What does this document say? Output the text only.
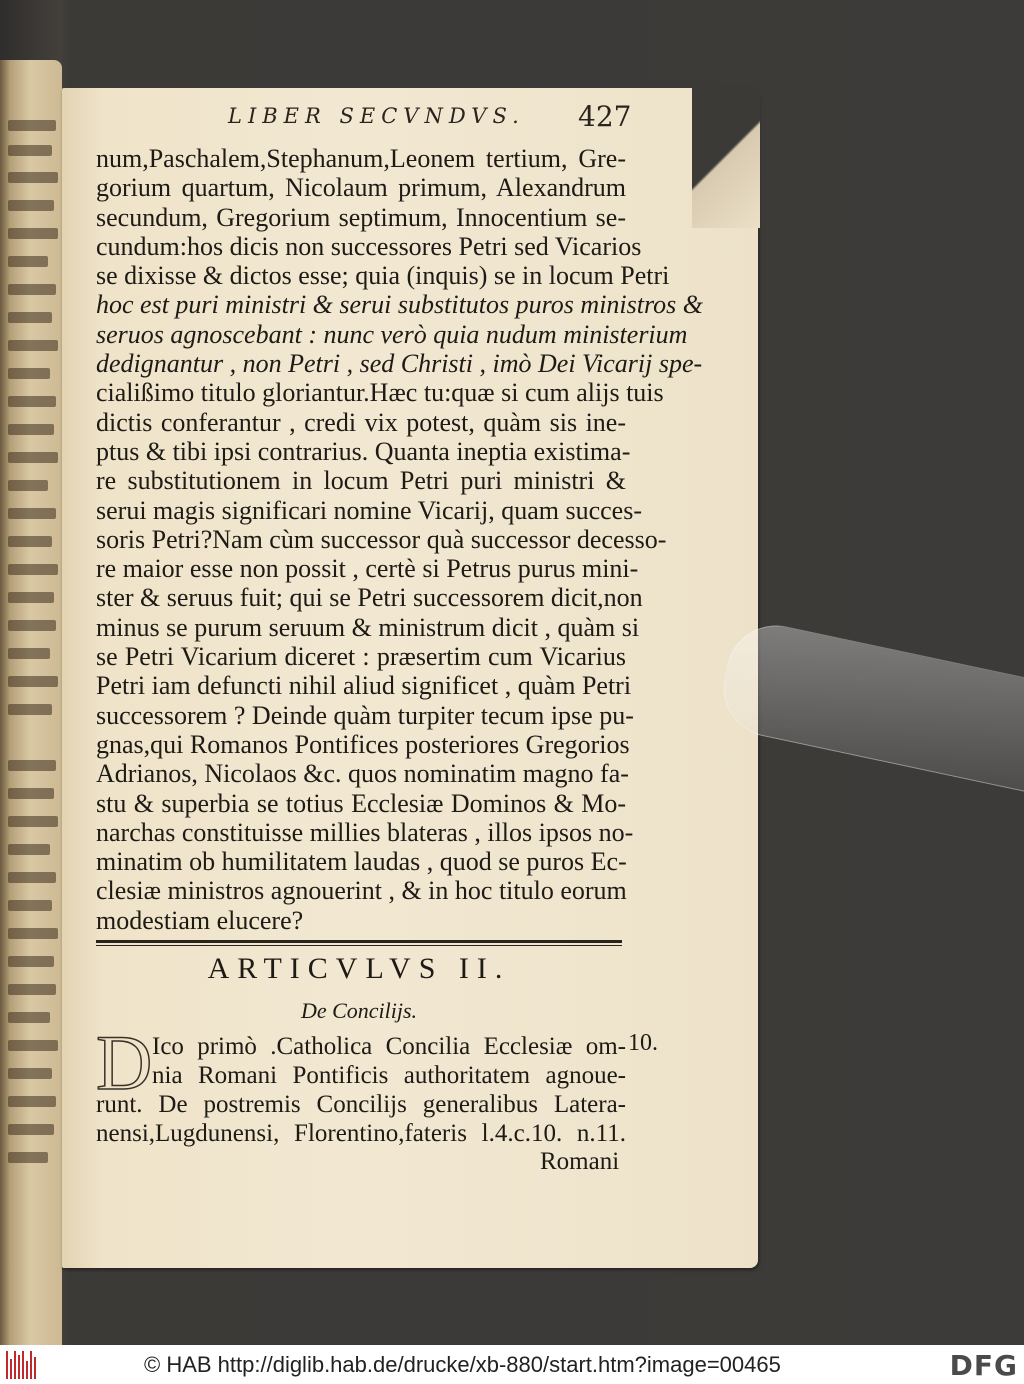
LIBER SECVNDVS. 427
num,Paschalem,Stephanum,Leonem tertium, Gre-
gorium quartum, Nicolaum primum, Alexandrum
secundum, Gregorium septimum, Innocentium se-
cundum:hos dicis non successores Petri sed Vicarios
se dixisse & dictos esse; quia (inquis) se in locum Petri
hoc est puri ministri & serui substitutos puros ministros &
seruos agnoscebant : nunc verò quia nudum ministerium
dedignantur , non Petri , sed Christi , imò Dei Vicarij spe-
cialißimo titulo gloriantur.Hæc tu:quæ si cum alijs tuis
dictis conferantur , credi vix potest, quàm sis ine-
ptus & tibi ipsi contrarius. Quanta ineptia existima-
re substitutionem in locum Petri puri ministri &
serui magis significari nomine Vicarij, quam succes-
soris Petri?Nam cùm successor quà successor decesso-
re maior esse non possit , certè si Petrus purus mini-
ster & seruus fuit; qui se Petri successorem dicit,non
minus se purum seruum & ministrum dicit , quàm si
se Petri Vicarium diceret : præsertim cum Vicarius
Petri iam defuncti nihil aliud significet , quàm Petri
successorem ? Deinde quàm turpiter tecum ipse pu-
gnas,qui Romanos Pontifices posteriores Gregorios
Adrianos, Nicolaos &c. quos nominatim magno fa-
stu & superbia se totius Ecclesiæ Dominos & Mo-
narchas constituisse millies blateras , illos ipsos no-
minatim ob humilitatem laudas , quod se puros Ec-
clesiæ ministros agnouerint , & in hoc titulo eorum
modestiam elucere?
ARTICVLVS II.
De Concilijs.
D Ico primò .Catholica Concilia Ecclesiæ om-
nia Romani Pontificis authoritatem agnoue-
runt. De postremis Concilijs generalibus Latera-
nensi,Lugdunensi, Florentino,fateris l.4.c.10. n.11.
10.
Romani
© HAB http://diglib.hab.de/drucke/xb-880/start.htm?image=00465	DFG
